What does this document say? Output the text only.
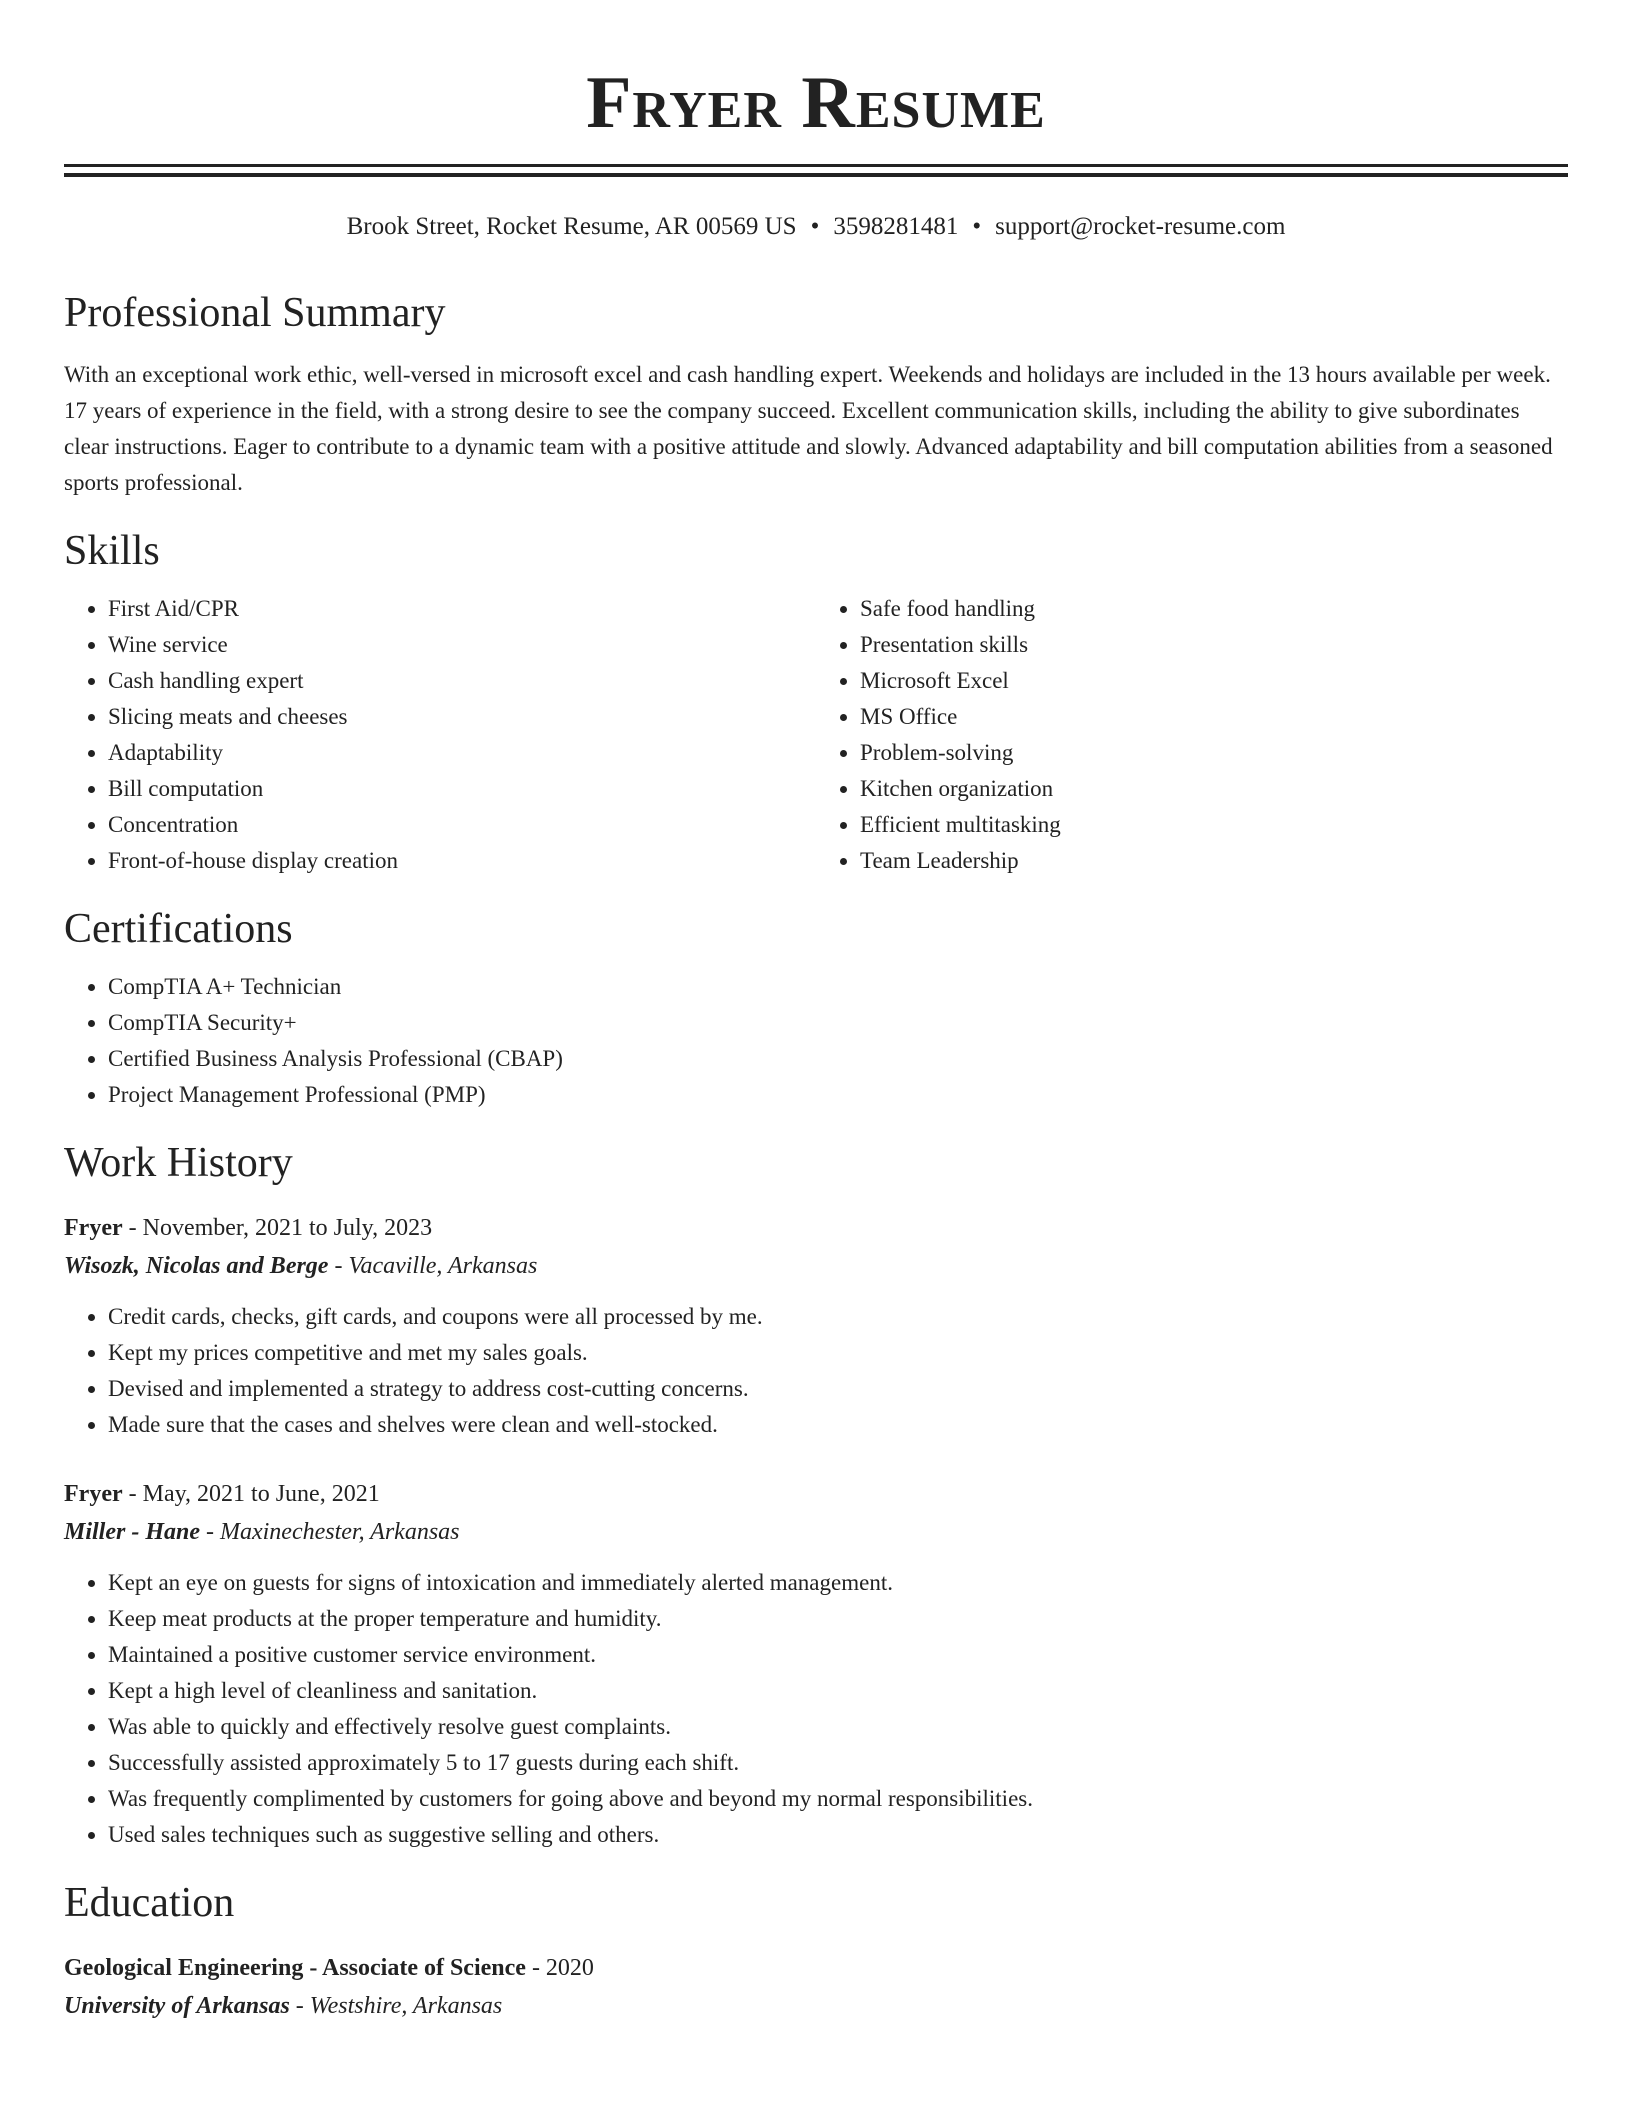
Fryer Resume
Brook Street, Rocket Resume, AR 00569 US • 3598281481 • support@rocket-resume.com
Professional Summary

With an exceptional work ethic, well-versed in microsoft excel and cash handling expert. Weekends and holidays are included in the 13 hours available per week. 17 years of experience in the field, with a strong desire to see the company succeed. Excellent communication skills, including the ability to give subordinates clear instructions. Eager to contribute to a dynamic team with a positive attitude and slowly. Advanced adaptability and bill computation abilities from a seasoned sports professional.

Skills
• First Aid/CPR
• Wine service
• Cash handling expert
• Slicing meats and cheeses
• Adaptability
• Bill computation
• Concentration
• Front-of-house display creation
• Safe food handling
• Presentation skills
• Microsoft Excel
• MS Office
• Problem-solving
• Kitchen organization
• Efficient multitasking
• Team Leadership
Certifications
• CompTIA A+ Technician
• CompTIA Security+
• Certified Business Analysis Professional (CBAP)
• Project Management Professional (PMP)
Work History
Fryer - November, 2021 to July, 2023
Wisozk, Nicolas and Berge - Vacaville, Arkansas
• Credit cards, checks, gift cards, and coupons were all processed by me.
• Kept my prices competitive and met my sales goals.
• Devised and implemented a strategy to address cost-cutting concerns.
• Made sure that the cases and shelves were clean and well-stocked.
Fryer - May, 2021 to June, 2021
Miller - Hane - Maxinechester, Arkansas
• Kept an eye on guests for signs of intoxication and immediately alerted management.
• Keep meat products at the proper temperature and humidity.
• Maintained a positive customer service environment.
• Kept a high level of cleanliness and sanitation.
• Was able to quickly and effectively resolve guest complaints.
• Successfully assisted approximately 5 to 17 guests during each shift.
• Was frequently complimented by customers for going above and beyond my normal responsibilities.
• Used sales techniques such as suggestive selling and others.
Education
Geological Engineering - Associate of Science - 2020
University of Arkansas - Westshire, Arkansas
